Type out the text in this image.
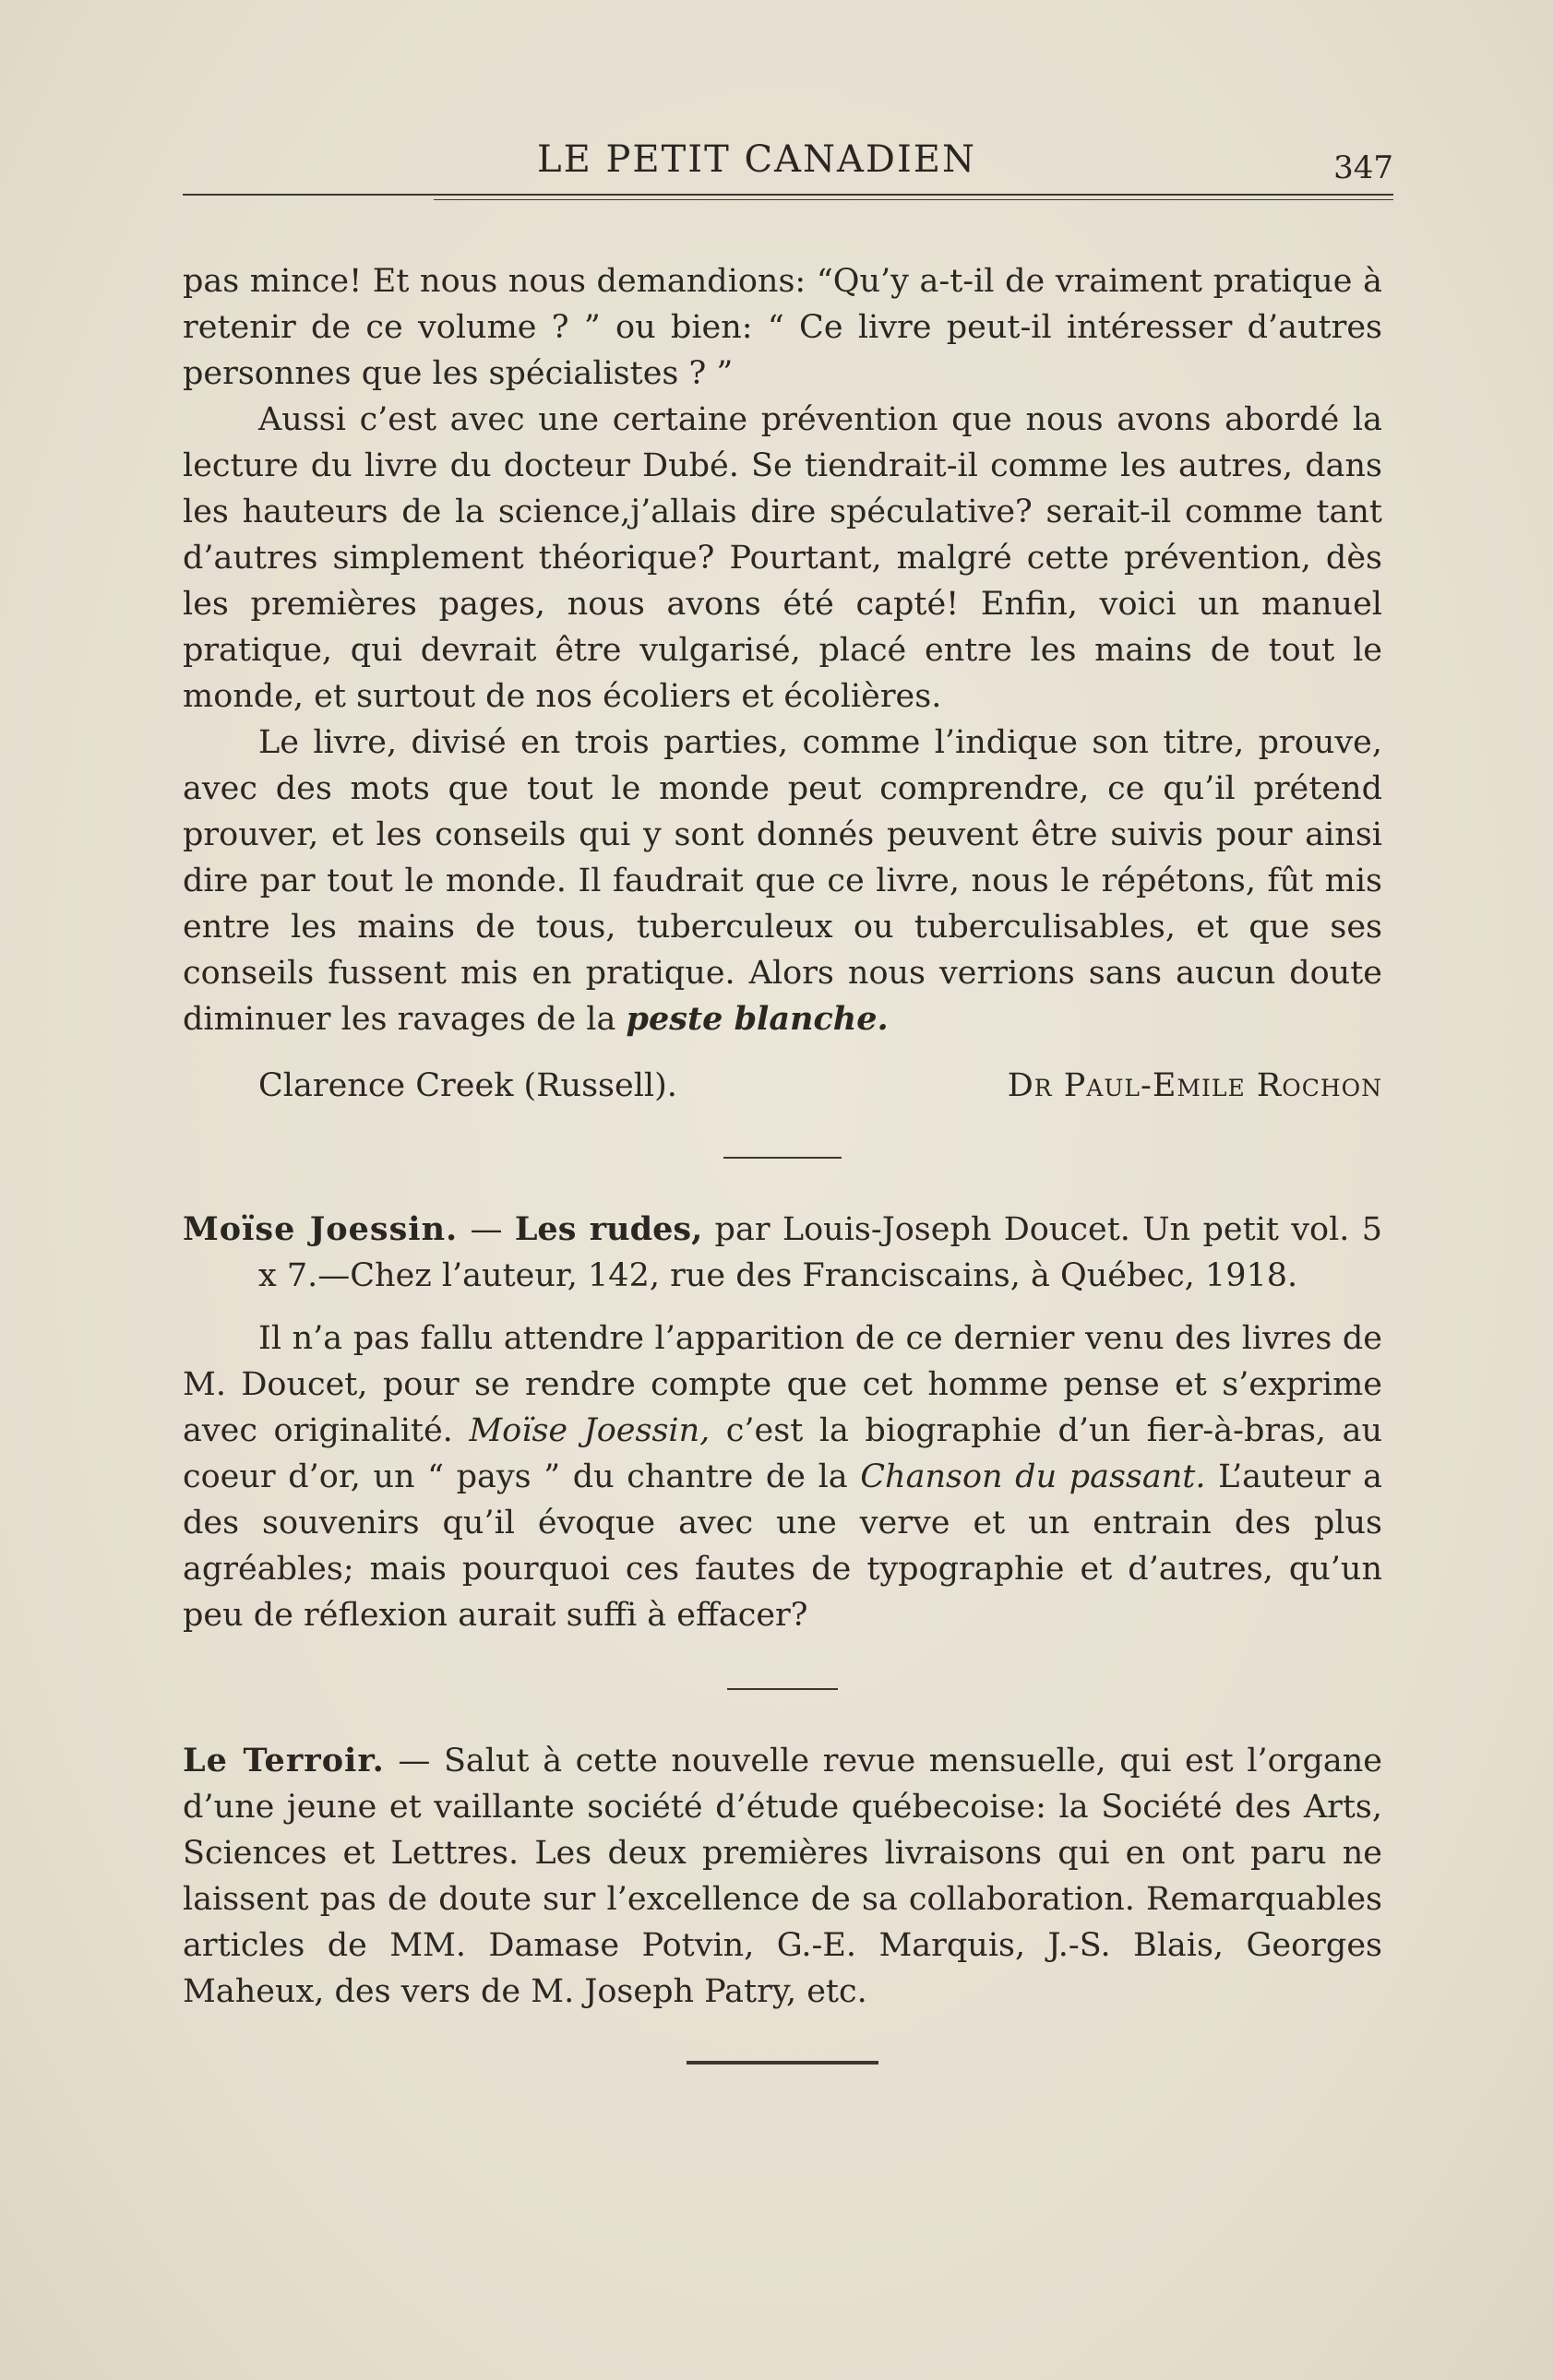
LE PETIT CANADIEN	347

pas mince! Et nous nous demandions: “Qu’y a-t-il de vraiment pratique à retenir de ce volume ? ” ou bien: “ Ce livre peut-il intéresser d’autres personnes que les spécialistes ? ”

Aussi c’est avec une certaine prévention que nous avons abordé la lecture du livre du docteur Dubé. Se tiendrait-il comme les autres, dans les hauteurs de la science,j’allais dire spéculative? serait-il comme tant d’autres simplement théorique? Pourtant, malgré cette prévention, dès les premières pages, nous avons été capté! Enfin, voici un manuel pratique, qui devrait être vulgarisé, placé entre les mains de tout le monde, et surtout de nos écoliers et écolières.

Le livre, divisé en trois parties, comme l’indique son titre, prouve, avec des mots que tout le monde peut comprendre, ce qu’il prétend prouver, et les conseils qui y sont donnés peuvent être suivis pour ainsi dire par tout le monde. Il faudrait que ce livre, nous le répétons, fût mis entre les mains de tous, tuberculeux ou tuberculisables, et que ses conseils fussent mis en pratique. Alors nous verrions sans aucun doute diminuer les ravages de la peste blanche.

Clarence Creek (Russell).	Dr Paul-Emile Rochon

Moïse Joessin. — Les rudes, par Louis-Joseph Doucet. Un petit vol. 5 x 7.—Chez l’auteur, 142, rue des Franciscains, à Québec, 1918.

Il n’a pas fallu attendre l’apparition de ce dernier venu des livres de M. Doucet, pour se rendre compte que cet homme pense et s’exprime avec originalité. Moïse Joessin, c’est la biographie d’un fier-à-bras, au coeur d’or, un “ pays ” du chantre de la Chanson du passant. L’auteur a des souvenirs qu’il évoque avec une verve et un entrain des plus agréables; mais pourquoi ces fautes de typographie et d’autres, qu’un peu de réflexion aurait suffi à effacer?

Le Terroir. — Salut à cette nouvelle revue mensuelle, qui est l’organe d’une jeune et vaillante société d’étude québecoise: la Société des Arts, Sciences et Lettres. Les deux premières livraisons qui en ont paru ne laissent pas de doute sur l’excellence de sa collaboration. Remarquables articles de MM. Damase Potvin, G.-E. Marquis, J.-S. Blais, Georges Maheux, des vers de M. Joseph Patry, etc.
